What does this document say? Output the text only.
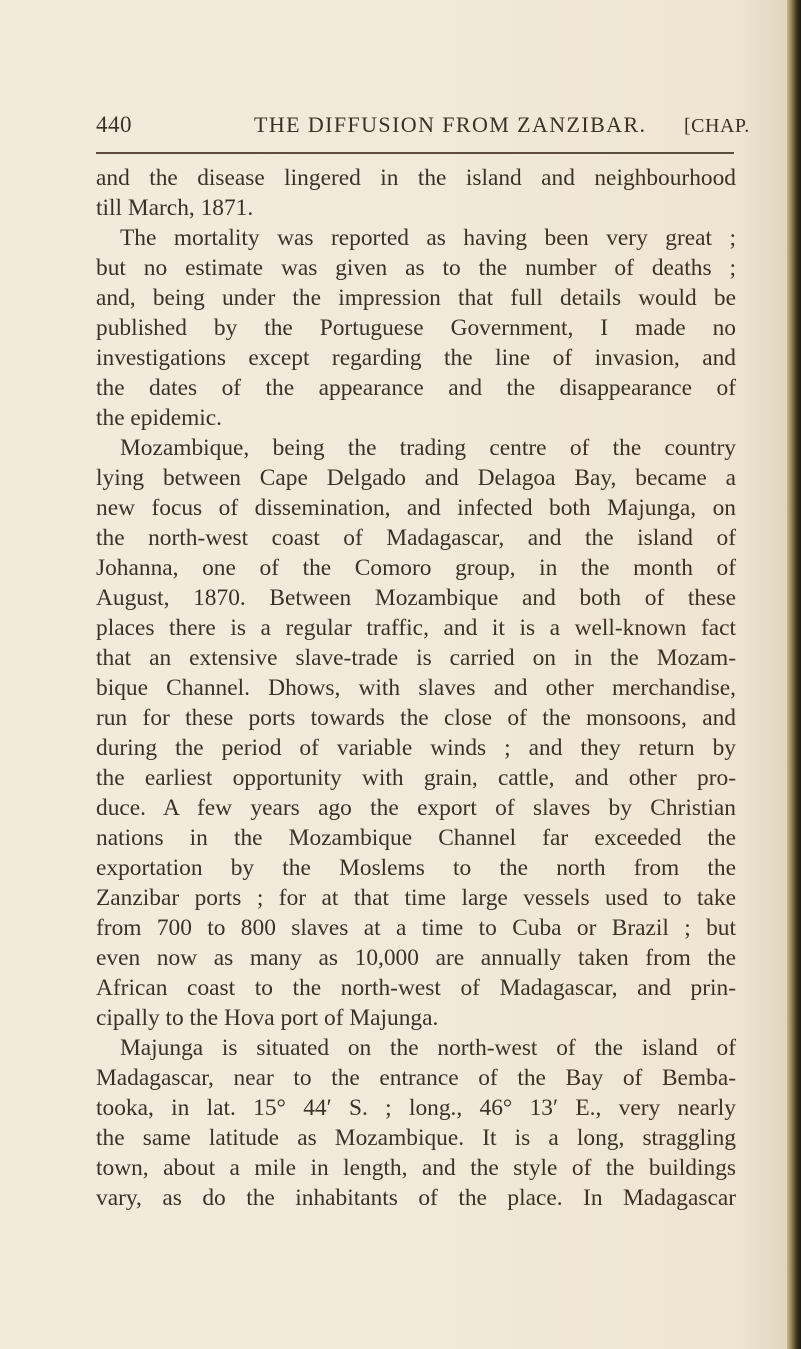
440	THE DIFFUSION FROM ZANZIBAR. [CHAP.
and the disease lingered in the island and neighbourhood
till March, 1871.
The mortality was reported as having been very great ;
but no estimate was given as to the number of deaths ;
and, being under the impression that full details would be
published by the Portuguese Government, I made no
investigations except regarding the line of invasion, and
the dates of the appearance and the disappearance of
the epidemic.
Mozambique, being the trading centre of the country
lying between Cape Delgado and Delagoa Bay, became a
new focus of dissemination, and infected both Majunga, on
the north-west coast of Madagascar, and the island of
Johanna, one of the Comoro group, in the month of
August, 1870. Between Mozambique and both of these
places there is a regular traffic, and it is a well-known fact
that an extensive slave-trade is carried on in the Mozam-
bique Channel. Dhows, with slaves and other merchandise,
run for these ports towards the close of the monsoons, and
during the period of variable winds ; and they return by
the earliest opportunity with grain, cattle, and other pro-
duce. A few years ago the export of slaves by Christian
nations in the Mozambique Channel far exceeded the
exportation by the Moslems to the north from the
Zanzibar ports ; for at that time large vessels used to take
from 700 to 800 slaves at a time to Cuba or Brazil ; but
even now as many as 10,000 are annually taken from the
African coast to the north-west of Madagascar, and prin-
cipally to the Hova port of Majunga.
Majunga is situated on the north-west of the island of
Madagascar, near to the entrance of the Bay of Bemba-
tooka, in lat. 15° 44′ S. ; long., 46° 13′ E., very nearly
the same latitude as Mozambique. It is a long, straggling
town, about a mile in length, and the style of the buildings
vary, as do the inhabitants of the place. In Madagascar
